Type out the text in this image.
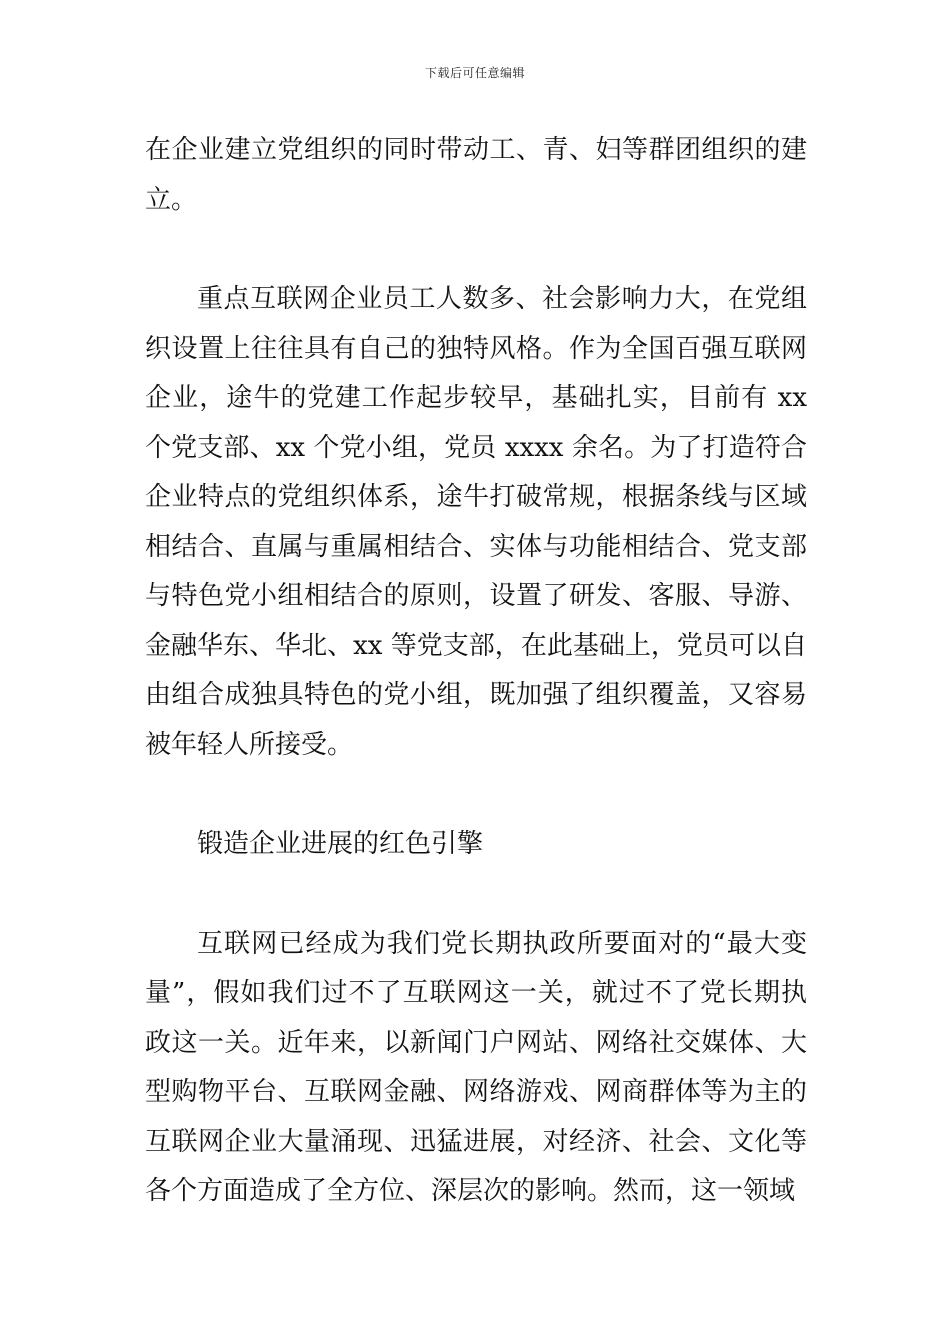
下载后可任意编辑

在企业建立党组织的同时带动工、青、妇等群团组织的建立。

重点互联网企业员工人数多、社会影响力大，在党组织设置上往往具有自己的独特风格。作为全国百强互联网企业，途牛的党建工作起步较早，基础扎实，目前有 xx 个党支部、xx 个党小组，党员 xxxx 余名。为了打造符合企业特点的党组织体系，途牛打破常规，根据条线与区域相结合、直属与重属相结合、实体与功能相结合、党支部与特色党小组相结合的原则，设置了研发、客服、导游、金融华东、华北、xx 等党支部，在此基础上，党员可以自由组合成独具特色的党小组，既加强了组织覆盖，又容易被年轻人所接受。

锻造企业进展的红色引擎

互联网已经成为我们党长期执政所要面对的“最大变量”，假如我们过不了互联网这一关，就过不了党长期执政这一关。近年来，以新闻门户网站、网络社交媒体、大型购物平台、互联网金融、网络游戏、网商群体等为主的互联网企业大量涌现、迅猛进展，对经济、社会、文化等各个方面造成了全方位、深层次的影响。然而，这一领域
